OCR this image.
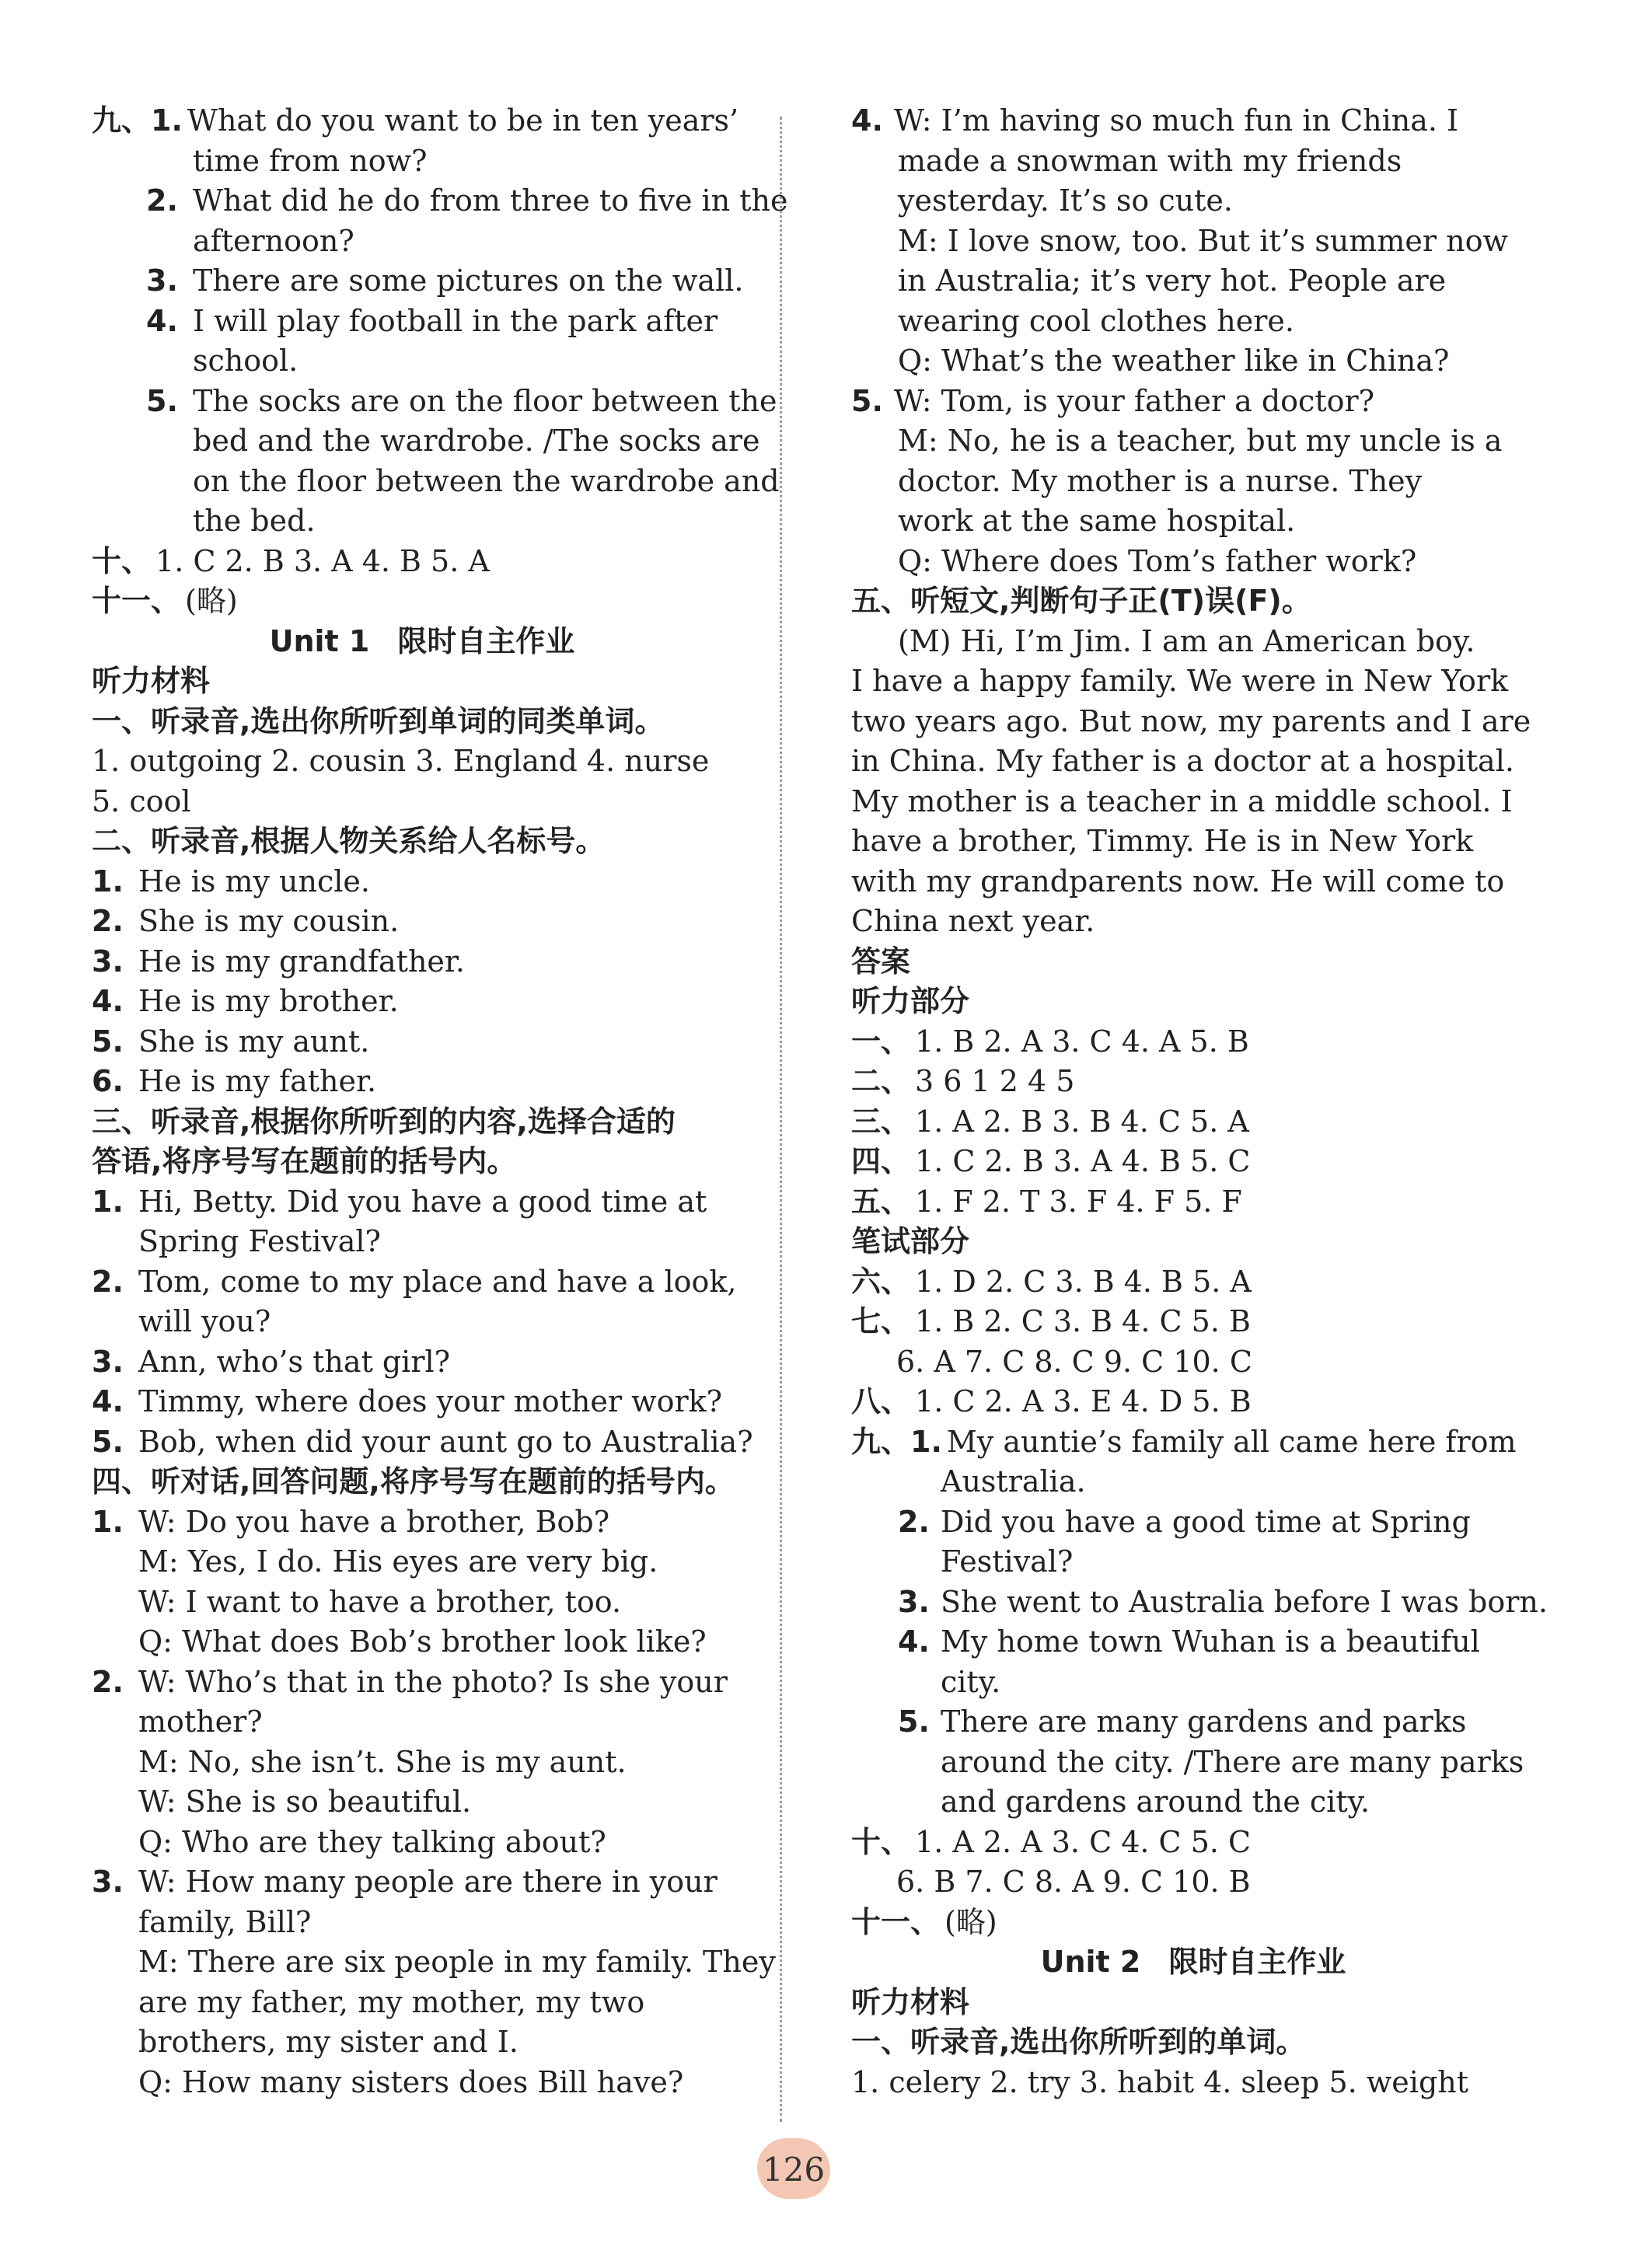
九、1. What do you want to be in ten years’
time from now?
2. What did he do from three to five in the
afternoon?
3. There are some pictures on the wall.
4. I will play football in the park after
school.
5. The socks are on the floor between the
bed and the wardrobe. /The socks are
on the floor between the wardrobe and
the bed.
十、 1. C 2. B 3. A 4. B 5. A
十一、 (略)
Unit 1 限时自主作业
听力材料
一、听录音,选出你所听到单词的同类单词。
1. outgoing 2. cousin 3. England 4. nurse
5. cool
二、听录音,根据人物关系给人名标号。
1. He is my uncle.
2. She is my cousin.
3. He is my grandfather.
4. He is my brother.
5. She is my aunt.
6. He is my father.
三、听录音,根据你所听到的内容,选择合适的
答语,将序号写在题前的括号内。
1. Hi, Betty. Did you have a good time at
Spring Festival?
2. Tom, come to my place and have a look,
will you?
3. Ann, who’s that girl?
4. Timmy, where does your mother work?
5. Bob, when did your aunt go to Australia?
四、听对话,回答问题,将序号写在题前的括号内。
1. W: Do you have a brother, Bob?
M: Yes, I do. His eyes are very big.
W: I want to have a brother, too.
Q: What does Bob’s brother look like?
2. W: Who’s that in the photo? Is she your
mother?
M: No, she isn’t. She is my aunt.
W: She is so beautiful.
Q: Who are they talking about?
3. W: How many people are there in your
family, Bill?
M: There are six people in my family. They
are my father, my mother, my two
brothers, my sister and I.
Q: How many sisters does Bill have?
4. W: I’m having so much fun in China. I
made a snowman with my friends
yesterday. It’s so cute.
M: I love snow, too. But it’s summer now
in Australia; it’s very hot. People are
wearing cool clothes here.
Q: What’s the weather like in China?
5. W: Tom, is your father a doctor?
M: No, he is a teacher, but my uncle is a
doctor. My mother is a nurse. They
work at the same hospital.
Q: Where does Tom’s father work?
五、听短文,判断句子正(T)误(F)。
(M) Hi, I’m Jim. I am an American boy.
I have a happy family. We were in New York
two years ago. But now, my parents and I are
in China. My father is a doctor at a hospital.
My mother is a teacher in a middle school. I
have a brother, Timmy. He is in New York
with my grandparents now. He will come to
China next year.
答案
听力部分
一、 1. B 2. A 3. C 4. A 5. B
二、 3 6 1 2 4 5
三、 1. A 2. B 3. B 4. C 5. A
四、 1. C 2. B 3. A 4. B 5. C
五、 1. F 2. T 3. F 4. F 5. F
笔试部分
六、 1. D 2. C 3. B 4. B 5. A
七、 1. B 2. C 3. B 4. C 5. B
6. A 7. C 8. C 9. C 10. C
八、 1. C 2. A 3. E 4. D 5. B
九、1. My auntie’s family all came here from
Australia.
2. Did you have a good time at Spring
Festival?
3. She went to Australia before I was born.
4. My home town Wuhan is a beautiful
city.
5. There are many gardens and parks
around the city. /There are many parks
and gardens around the city.
十、 1. A 2. A 3. C 4. C 5. C
6. B 7. C 8. A 9. C 10. B
十一、 (略)
Unit 2 限时自主作业
听力材料
一、听录音,选出你所听到的单词。
1. celery 2. try 3. habit 4. sleep 5. weight
126
